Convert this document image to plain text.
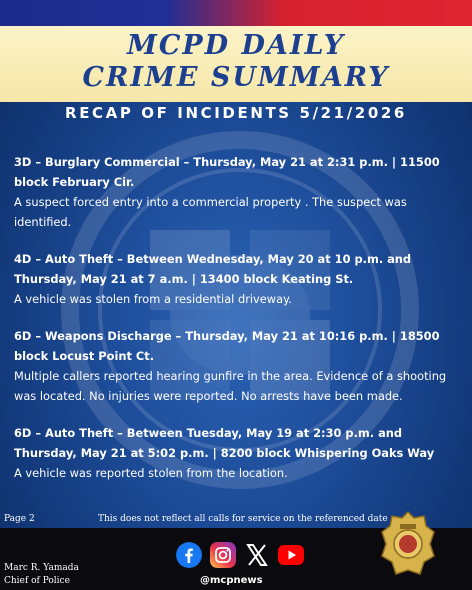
MCPD DAILY
CRIME SUMMARY
RECAP OF INCIDENTS 5/21/2026
3D – Burglary Commercial – Thursday, May 21 at 2:31 p.m. | 11500 block February Cir.
A suspect forced entry into a commercial property . The suspect was identified.
4D – Auto Theft – Between Wednesday, May 20 at 10 p.m. and Thursday, May 21 at 7 a.m. | 13400 block Keating St.
A vehicle was stolen from a residential driveway.
6D – Weapons Discharge – Thursday, May 21 at 10:16 p.m. | 18500 block Locust Point Ct.
Multiple callers reported hearing gunfire in the area. Evidence of a shooting was located. No injuries were reported. No arrests have been made.
6D – Auto Theft – Between Tuesday, May 19 at 2:30 p.m. and Thursday, May 21 at 5:02 p.m. | 8200 block Whispering Oaks Way
A vehicle was reported stolen from the location.
Page 2	This does not reflect all calls for service on the referenced date
Marc R. Yamada
Chief of Police	@mcpnews
